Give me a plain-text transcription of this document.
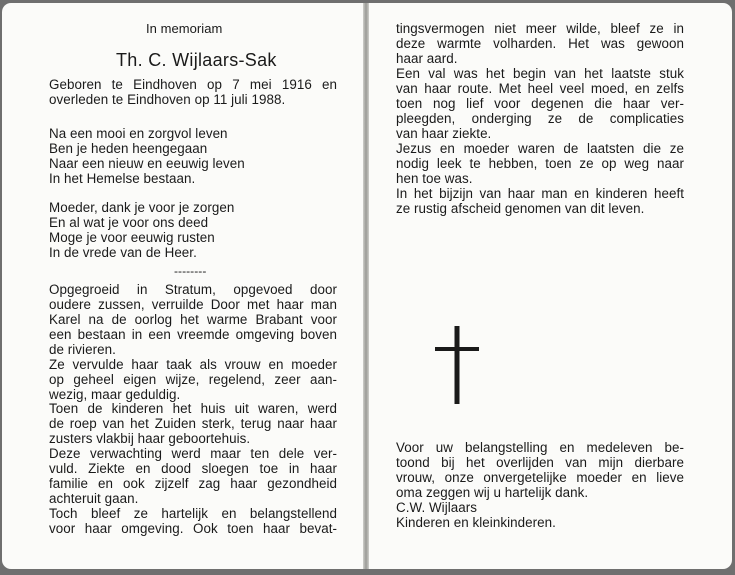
In memoriam
Th. C. Wijlaars-Sak
Geboren te Eindhoven op 7 mei 1916 en
overleden te Eindhoven op 11 juli 1988.
Na een mooi en zorgvol leven
Ben je heden heengegaan
Naar een nieuw en eeuwig leven
In het Hemelse bestaan.
Moeder, dank je voor je zorgen
En al wat je voor ons deed
Moge je voor eeuwig rusten
In de vrede van de Heer.
--------
Opgegroeid in Stratum, opgevoed door
oudere zussen, verruilde Door met haar man
Karel na de oorlog het warme Brabant voor
een bestaan in een vreemde omgeving boven
de rivieren.
Ze vervulde haar taak als vrouw en moeder
op geheel eigen wijze, regelend, zeer aan-
wezig, maar geduldig.
Toen de kinderen het huis uit waren, werd
de roep van het Zuiden sterk, terug naar haar
zusters vlakbij haar geboortehuis.
Deze verwachting werd maar ten dele ver-
vuld. Ziekte en dood sloegen toe in haar
familie en ook zijzelf zag haar gezondheid
achteruit gaan.
Toch bleef ze hartelijk en belangstellend
voor haar omgeving. Ook toen haar bevat-
tingsvermogen niet meer wilde, bleef ze in
deze warmte volharden. Het was gewoon
haar aard.
Een val was het begin van het laatste stuk
van haar route. Met heel veel moed, en zelfs
toen nog lief voor degenen die haar ver-
pleegden, onderging ze de complicaties
van haar ziekte.
Jezus en moeder waren de laatsten die ze
nodig leek te hebben, toen ze op weg naar
hen toe was.
In het bijzijn van haar man en kinderen heeft
ze rustig afscheid genomen van dit leven.
Voor uw belangstelling en medeleven be-
toond bij het overlijden van mijn dierbare
vrouw, onze onvergetelijke moeder en lieve
oma zeggen wij u hartelijk dank.
C.W. Wijlaars
Kinderen en kleinkinderen.
